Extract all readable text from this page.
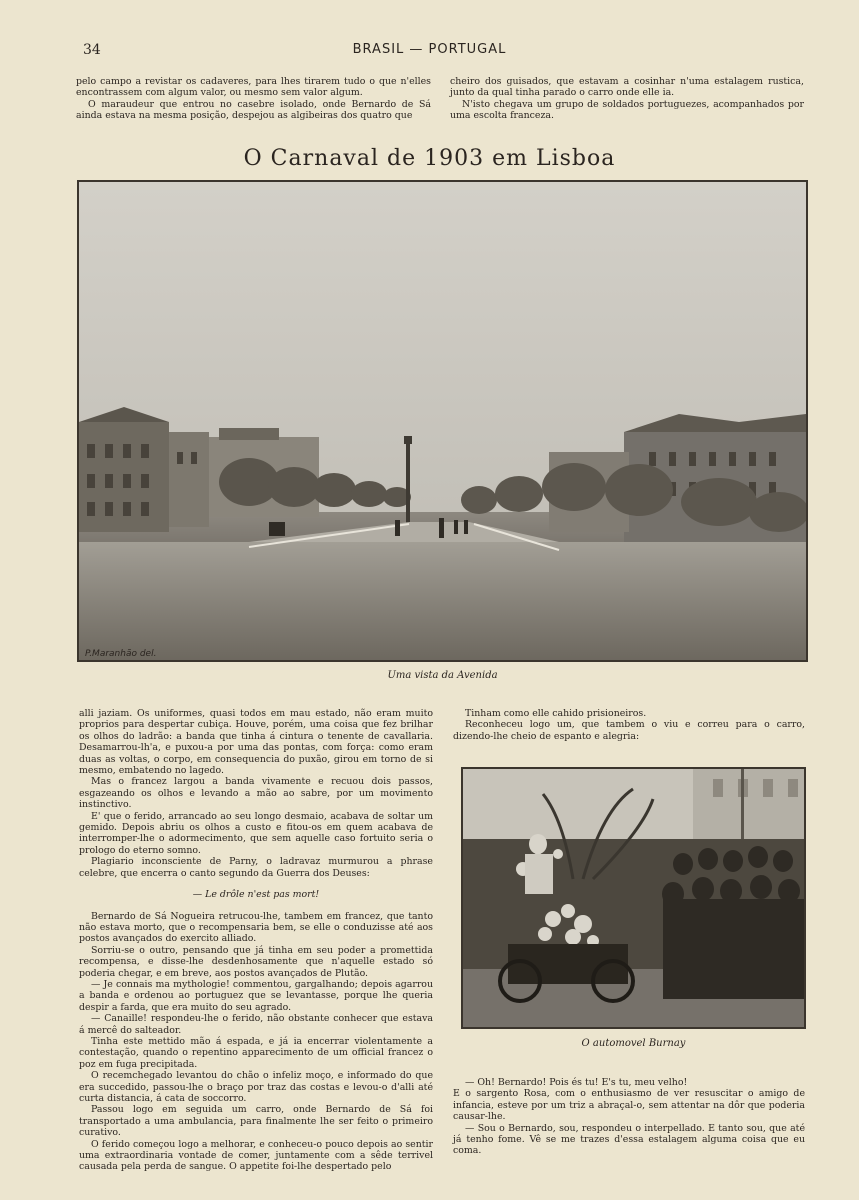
34	BRASIL — PORTUGAL

pelo campo a revistar os cadaveres, para lhes tirarem tudo o que n'elles encontrassem com algum valor, ou mesmo sem valor algum.

O maraudeur que entrou no casebre isolado, onde Bernardo de Sá ainda estava na mesma posição, despejou as algibeiras dos quatro que

cheiro dos guisados, que estavam a cosinhar n'uma estalagem rustica, junto da qual tinha parado o carro onde elle ia.

N'isto chegava um grupo de soldados portuguezes, acompanhados por uma escolta franceza.

O Carnaval de 1903 em Lisboa
P.Maranhão del.
Uma vista da Avenida

alli jaziam. Os uniformes, quasi todos em mau estado, não eram muito proprios para despertar cubiça. Houve, porém, uma coisa que fez brilhar os olhos do ladrão: a banda que tinha á cintura o tenente de cavallaria. Desamarrou-lh'a, e puxou-a por uma das pontas, com força: como eram duas as voltas, o corpo, em consequencia do puxão, girou em torno de si mesmo, embatendo no lagedo.

Mas o francez largou a banda vivamente e recuou dois passos, esgazeando os olhos e levando a mão ao sabre, por um movimento instinctivo.

E' que o ferido, arrancado ao seu longo desmaio, acabava de soltar um gemido. Depois abriu os olhos a custo e fitou-os em quem acabava de interromper-lhe o adormecimento, que sem aquelle caso fortuito seria o prologo do eterno somno.

Plagiario inconsciente de Parny, o ladravaz murmurou a phrase celebre, que encerra o canto segundo da Guerra dos Deuses:

— Le drôle n'est pas mort!

Bernardo de Sá Nogueira retrucou-lhe, tambem em francez, que tanto não estava morto, que o recompensaria bem, se elle o conduzisse até aos postos avançados do exercito alliado.

Sorriu-se o outro, pensando que já tinha em seu poder a promettida recompensa, e disse-lhe desdenhosamente que n'aquelle estado só poderia chegar, e em breve, aos postos avançados de Plutão.

— Je connais ma mythologie! commentou, gargalhando; depois agarrou a banda e ordenou ao portuguez que se levantasse, porque lhe queria despir a farda, que era muito do seu agrado.

— Canaille! respondeu-lhe o ferido, não obstante conhecer que estava á mercê do salteador.

Tinha este mettido mão á espada, e já ia encerrar violentamente a contestação, quando o repentino apparecimento de um official francez o poz em fuga precipitada.

O recemchegado levantou do chão o infeliz moço, e informado do que era succedido, passou-lhe o braço por traz das costas e levou-o d'alli até curta distancia, á cata de soccorro.

Passou logo em seguida um carro, onde Bernardo de Sá foi transportado a uma ambulancia, para finalmente lhe ser feito o primeiro curativo.

O ferido começou logo a melhorar, e conheceu-o pouco depois ao sentir uma extraordinaria vontade de comer, juntamente com a sêde terrivel causada pela perda de sangue. O appetite foi-lhe despertado pelo

Tinham como elle cahido prisioneiros.

Reconheceu logo um, que tambem o viu e correu para o carro, dizendo-lhe cheio de espanto e alegria:

O automovel Burnay

— Oh! Bernardo! Pois és tu! E's tu, meu velho!

E o sargento Rosa, com o enthusiasmo de ver resuscitar o amigo de infancia, esteve por um triz a abraçal-o, sem attentar na dôr que poderia causar-lhe.

— Sou o Bernardo, sou, respondeu o interpellado. E tanto sou, que até já tenho fome. Vê se me trazes d'essa estalagem alguma coisa que eu coma.
